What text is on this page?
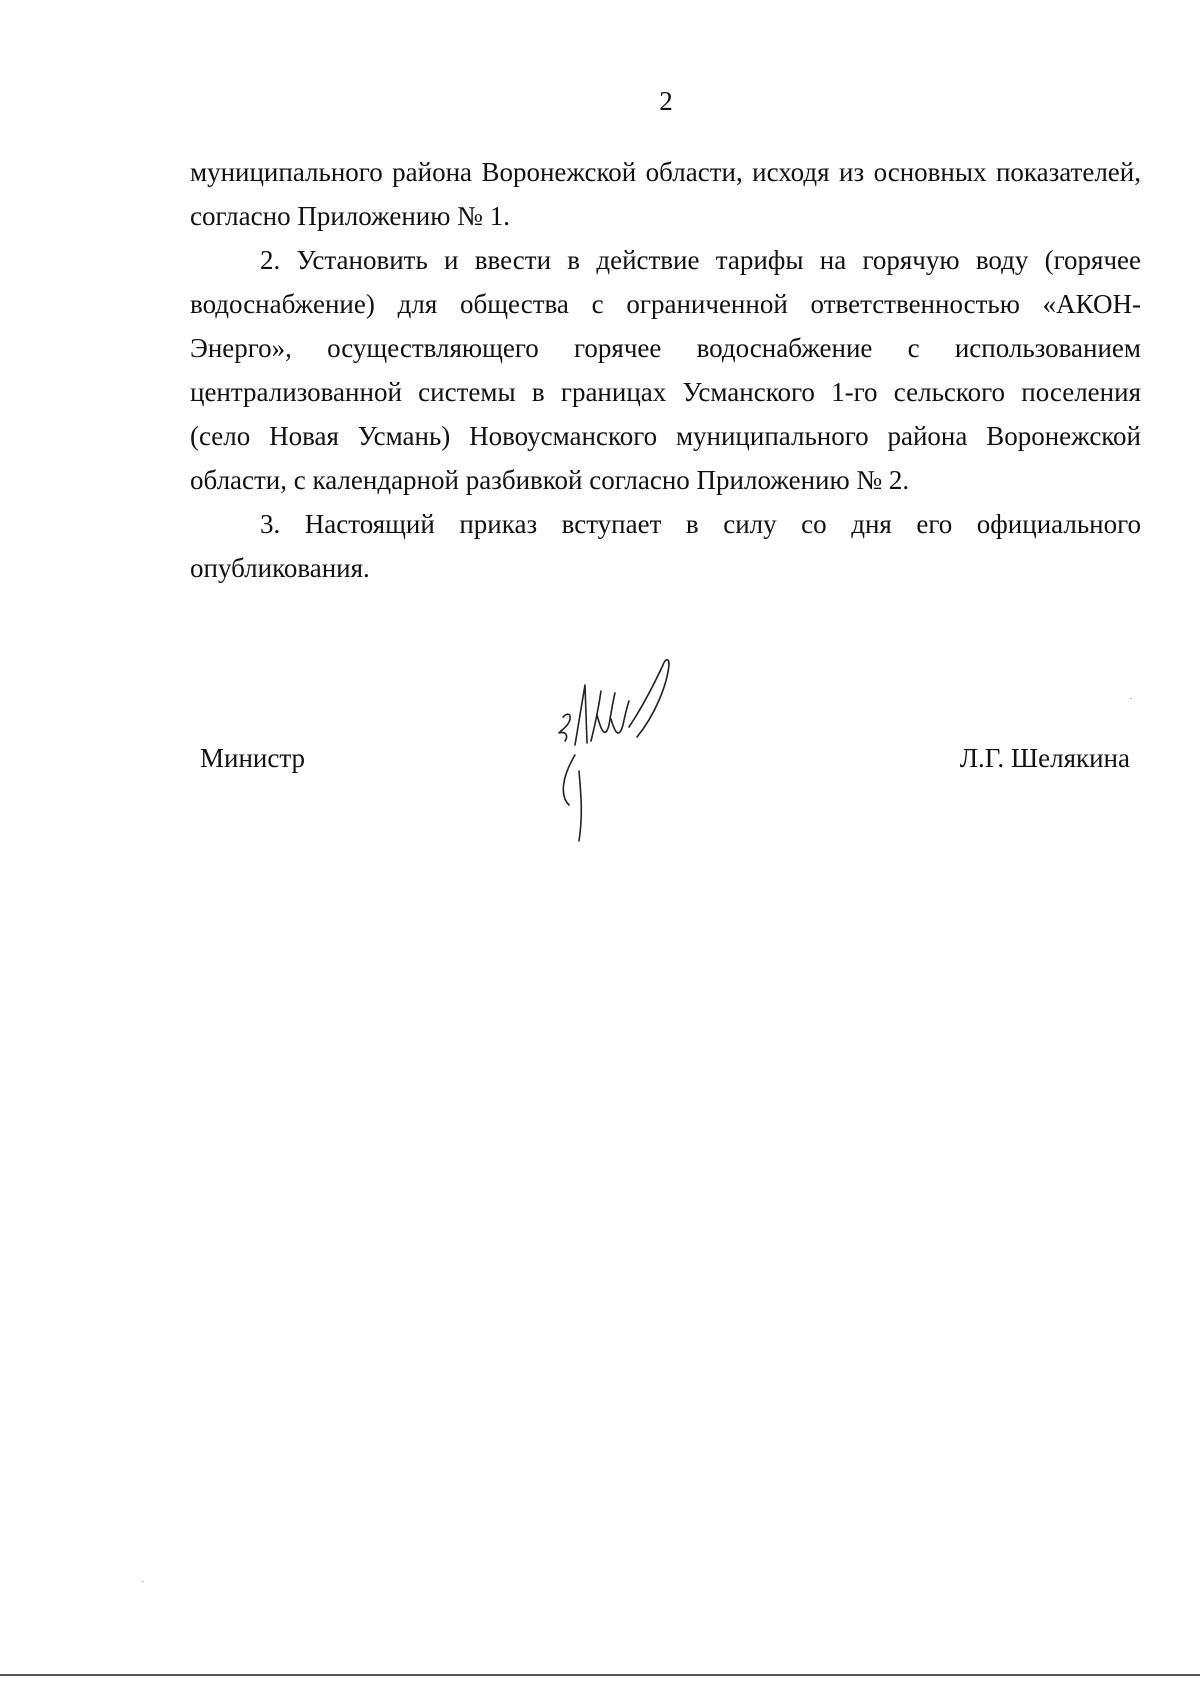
2

муниципального района Воронежской области, исходя из основных показателей, согласно Приложению № 1.

2. Установить и ввести в действие тарифы на горячую воду (горячее водоснабжение) для общества с ограниченной ответственностью «АКОН-Энерго», осуществляющего горячее водоснабжение с использованием централизованной системы в границах Усманского 1-го сельского поселения (село Новая Усмань) Новоусманского муниципального района Воронежской области, с календарной разбивкой согласно Приложению № 2.

3. Настоящий приказ вступает в силу со дня его официального опубликования.

Министр	Л.Г. Шелякина
